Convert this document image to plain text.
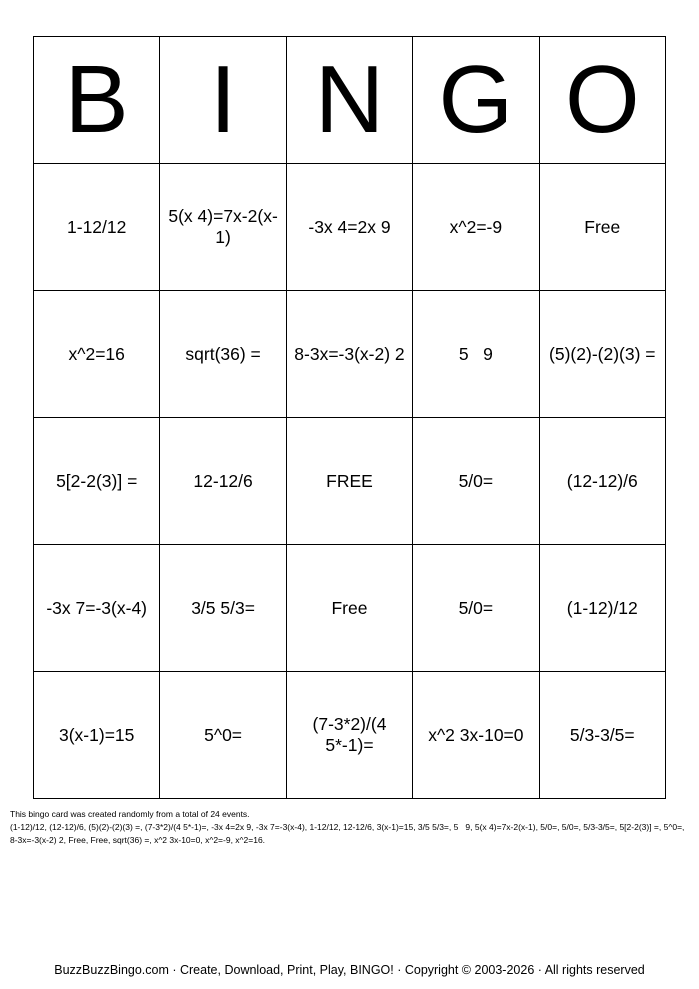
B	I	N	G	O
1-12/12	5(x 4)=7x-2(x-1)	-3x 4=2x 9	x^2=-9	Free
x^2=16	sqrt(36) =	8-3x=-3(x-2) 2	5   9	(5)(2)-(2)(3) =
5[2-2(3)] =	12-12/6	FREE	5/0=	(12-12)/6
-3x 7=-3(x-4)	3/5 5/3=	Free	5/0=	(1-12)/12
3(x-1)=15	5^0=	(7-3*2)/(4 5*-1)=	x^2 3x-10=0	5/3-3/5=

This bingo card was created randomly from a total of 24 events.

(1-12)/12, (12-12)/6, (5)(2)-(2)(3) =, (7-3*2)/(4 5*-1)=, -3x 4=2x 9, -3x 7=-3(x-4), 1-12/12, 12-12/6, 3(x-1)=15, 3/5 5/3=, 5   9, 5(x 4)=7x-2(x-1), 5/0=, 5/0=, 5/3-3/5=, 5[2-2(3)] =, 5^0=, 8-3x=-3(x-2) 2, Free, Free, sqrt(36) =, x^2 3x-10=0, x^2=-9, x^2=16.

BuzzBuzzBingo.com · Create, Download, Print, Play, BINGO! · Copyright © 2003-2026 · All rights reserved
